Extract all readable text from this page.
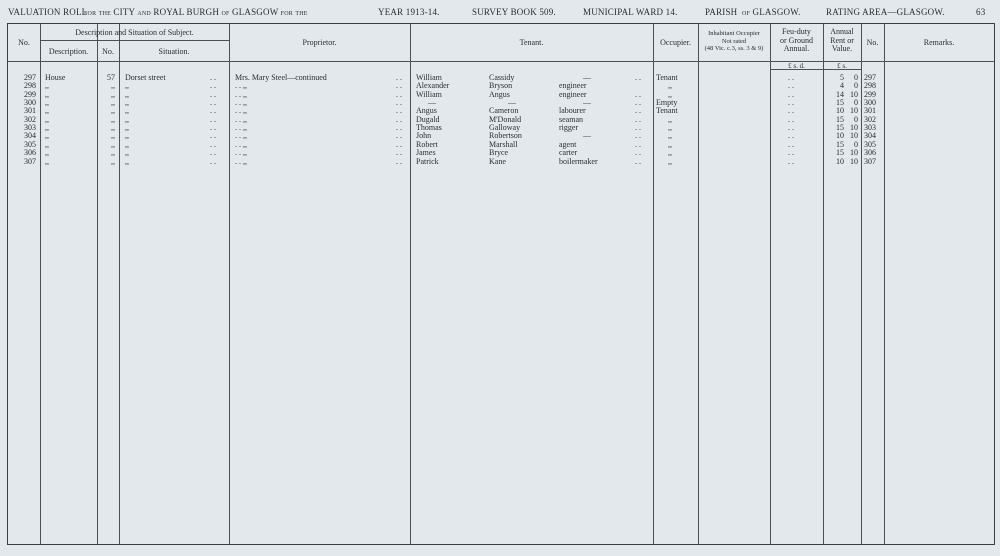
VALUATION ROLL
for the CITY and ROYAL BURGH of GLASGOW for the	YEAR 1913-14.	SURVEY BOOK 509.	MUNICIPAL WARD 14.	PARISH of GLASGOW.	RATING AREA—GLASGOW.	63
No.
Description and Situation of Subject.
Description.	No.	Situation.
Proprietor.	Tenant.	Occupier.
Inhabitant Occupier
Not rated
(48 Vic. c.3, ss. 3 & 9)
Feu-duty
or Ground
Annual.
Annual
Rent or
Value.
No.	Remarks.
£ s. d.	£ s.
297 House	57 Dorset street	. .	Mrs. Mary Steel—continued	. .	William	Cassidy	—	. .	Tenant	. .	5	0 297
298 ,,	,, ,,	. .	. . ,,	. .	Alexander	Bryson	engineer	,,	. .	4	0 298
299 ,,	,, ,,	. .	. . ,,	. .	William	Angus	engineer	. .	,,	. .	14 10 299
300 ,,	,, ,,	. .	. . ,,	. .	—	—	—	. .	Empty	. .	15	0 300
301 ,,	,, ,,	. .	. . ,,	. .	Angus	Cameron	labourer	. .	Tenant	. .	10 10 301
302 ,,	,, ,,	. .	. . ,,	. .	Dugald	M'Donald	seaman	. .	,,	. .	15	0 302
303 ,,	,, ,,	. .	. . ,,	. .	Thomas	Galloway	rigger	. .	,,	. .	15 10 303
304 ,,	,, ,,	. .	. . ,,	. .	John	Robertson	—	. .	,,	. .	10 10 304
305 ,,	,, ,,	. .	. . ,,	. .	Robert	Marshall	agent	. .	,,	. .	15	0 305
306 ,,	,, ,,	. .	. . ,,	. .	James	Bryce	carter	. .	,,	. .	15 10 306
307 ,,	,, ,,	. .	. . ,,	. .	Patrick	Kane	boilermaker	. .	,,	. .	10 10 307
